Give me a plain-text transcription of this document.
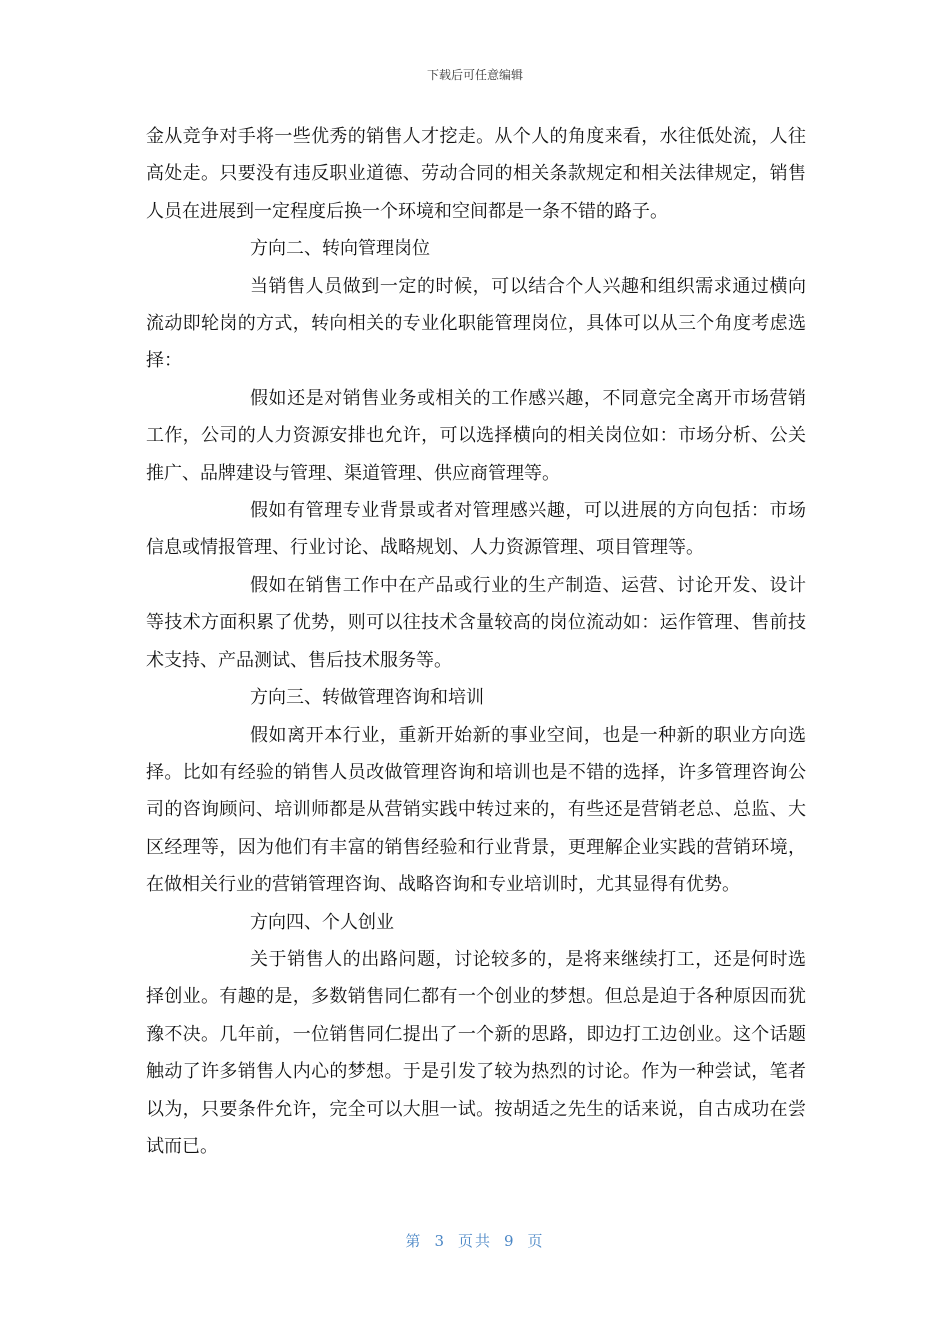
下载后可任意编辑

金从竞争对手将一些优秀的销售人才挖走。从个人的角度来看，水往低处流，人往高处走。只要没有违反职业道德、劳动合同的相关条款规定和相关法律规定，销售人员在进展到一定程度后换一个环境和空间都是一条不错的路子。

方向二、转向管理岗位

当销售人员做到一定的时候，可以结合个人兴趣和组织需求通过横向流动即轮岗的方式，转向相关的专业化职能管理岗位，具体可以从三个角度考虑选择：

假如还是对销售业务或相关的工作感兴趣，不同意完全离开市场营销工作，公司的人力资源安排也允许，可以选择横向的相关岗位如：市场分析、公关推广、品牌建设与管理、渠道管理、供应商管理等。

假如有管理专业背景或者对管理感兴趣，可以进展的方向包括：市场信息或情报管理、行业讨论、战略规划、人力资源管理、项目管理等。

假如在销售工作中在产品或行业的生产制造、运营、讨论开发、设计等技术方面积累了优势，则可以往技术含量较高的岗位流动如：运作管理、售前技术支持、产品测试、售后技术服务等。

方向三、转做管理咨询和培训

假如离开本行业，重新开始新的事业空间，也是一种新的职业方向选择。比如有经验的销售人员改做管理咨询和培训也是不错的选择，许多管理咨询公司的咨询顾问、培训师都是从营销实践中转过来的，有些还是营销老总、总监、大区经理等，因为他们有丰富的销售经验和行业背景，更理解企业实践的营销环境，在做相关行业的营销管理咨询、战略咨询和专业培训时，尤其显得有优势。

方向四、个人创业

关于销售人的出路问题，讨论较多的，是将来继续打工，还是何时选择创业。有趣的是，多数销售同仁都有一个创业的梦想。但总是迫于各种原因而犹豫不决。几年前，一位销售同仁提出了一个新的思路，即边打工边创业。这个话题触动了许多销售人内心的梦想。于是引发了较为热烈的讨论。作为一种尝试，笔者以为，只要条件允许，完全可以大胆一试。按胡适之先生的话来说，自古成功在尝试而已。

第 3 页共 9 页
